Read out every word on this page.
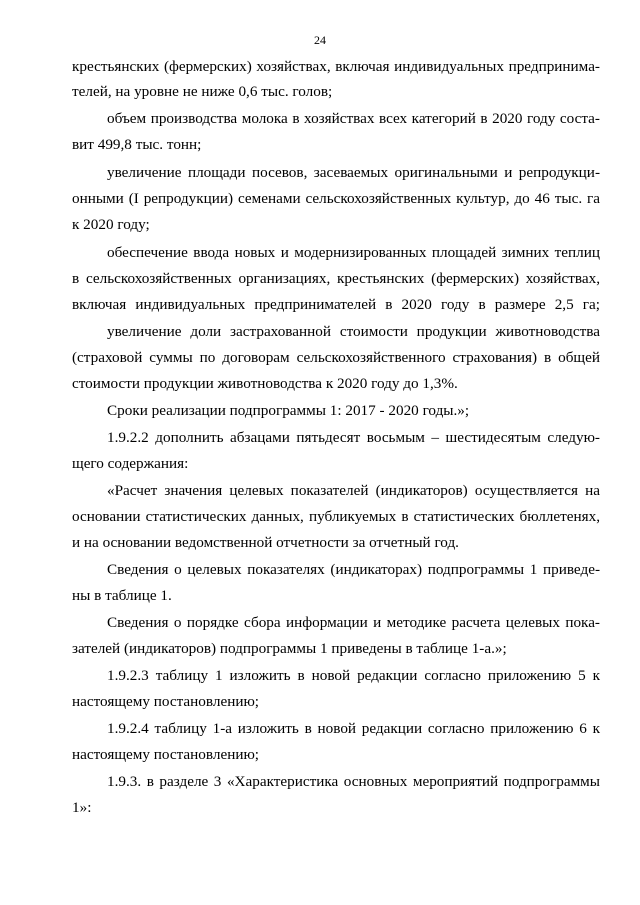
24
крестьянских (фермерских) хозяйствах, включая индивидуальных предпринима-
телей, на уровне не ниже 0,6 тыс. голов;
объем производства молока в хозяйствах всех категорий в 2020 году соста-
вит 499,8 тыс. тонн;
увеличение площади посевов, засеваемых оригинальными и репродукци-
онными (I репродукции) семенами сельскохозяйственных культур, до 46 тыс. га
к 2020 году;
обеспечение ввода новых и модернизированных площадей зимних теплиц
в сельскохозяйственных организациях, крестьянских (фермерских) хозяйствах,
включая индивидуальных предпринимателей в 2020 году в размере 2,5 га;
увеличение доли застрахованной стоимости продукции животноводства
(страховой суммы по договорам сельскохозяйственного страхования) в общей
стоимости продукции животноводства к 2020 году до 1,3%.
Сроки реализации подпрограммы 1: 2017 - 2020 годы.»;
1.9.2.2 дополнить абзацами пятьдесят восьмым – шестидесятым следую-
щего содержания:
«Расчет значения целевых показателей (индикаторов) осуществляется на
основании статистических данных, публикуемых в статистических бюллетенях,
и на основании ведомственной отчетности за отчетный год.
Сведения о целевых показателях (индикаторах) подпрограммы 1 приведе-
ны в таблице 1.
Сведения о порядке сбора информации и методике расчета целевых пока-
зателей (индикаторов) подпрограммы 1 приведены в таблице 1-а.»;
1.9.2.3 таблицу 1 изложить в новой редакции согласно приложению 5 к
настоящему постановлению;
1.9.2.4 таблицу 1-а изложить в новой редакции согласно приложению 6 к
настоящему постановлению;
1.9.3. в разделе 3 «Характеристика основных мероприятий подпрограммы
1»:
